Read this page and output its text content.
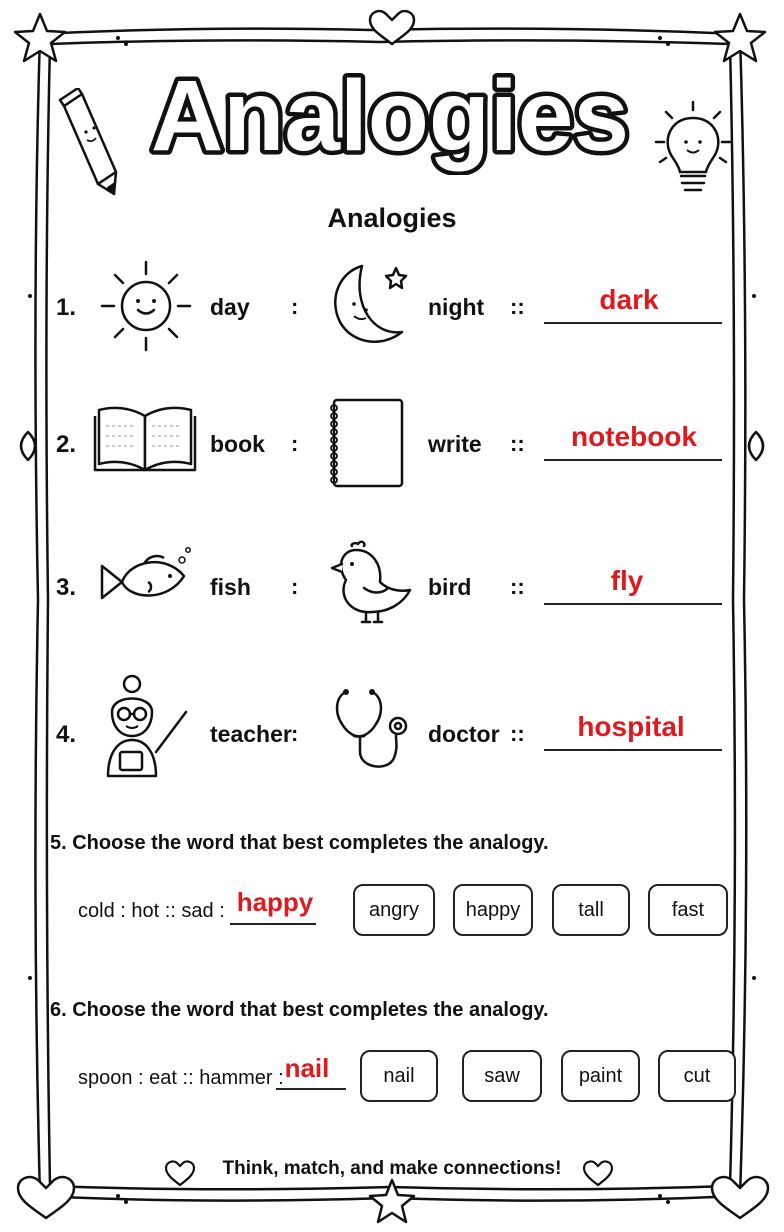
Analogies
Analogies
1.	day :	night ::	dark
2.	book :	write ::	notebook
3.	fish :	bird ::	fly
4.	teacher :	doctor ::	hospital
5. Choose the word that best completes the analogy.
cold : hot :: sad : happy	angry	happy	tall	fast
6. Choose the word that best completes the analogy.
spoon : eat :: hammer : nail	nail	saw	paint	cut
Think, match, and make connections!
